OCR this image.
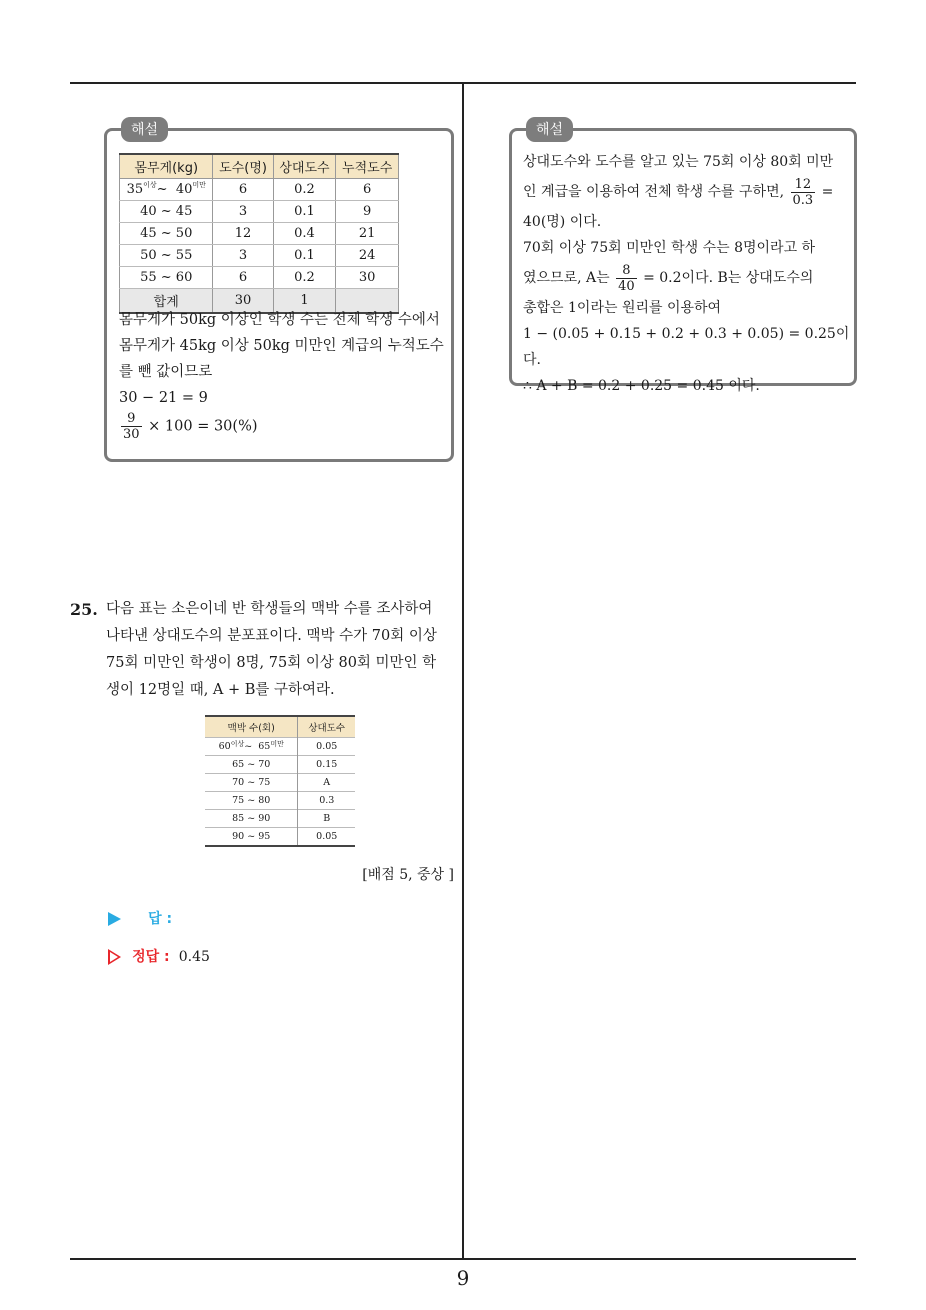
해설
몸무게(kg)	도수(명)	상대도수	누적도수
$35^{이상}\sim$ $40^{미만}$	6	0.2	6
40 ~ 45	3	0.1	9
45 ~ 50	12	0.4	21
50 ~ 55	3	0.1	24
55 ~ 60	6	0.2	30
합계	30	1	
몸무게가 50kg 이상인 학생 수는 전체 학생 수에서
몸무게가 45kg 이상 50kg 미만인 계급의 누적도수
를 뺀 값이므로
30 − 21 = 9
$\frac{9}{30} \times 100 = 30(\%)$
해설
상대도수와 도수를 알고 있는 75회 이상 80회 미만
인 계급을 이용하여 전체 학생 수를 구하면, $\frac{12}{0.3}$ =
40(명) 이다.
70회 이상 75회 미만인 학생 수는 8명이라고 하
였으므로, A는 $\frac{8}{40} = 0.2$이다. B는 상대도수의
총합은 1이라는 원리를 이용하여
1 − (0.05 + 0.15 + 0.2 + 0.3 + 0.05) = 0.25이다.
∴ A + B = 0.2 + 0.25 = 0.45 이다.
25. 다음 표는 소은이네 반 학생들의 맥박 수를 조사하여
나타낸 상대도수의 분포표이다. 맥박 수가 70회 이상
75회 미만인 학생이 8명, 75회 이상 80회 미만인 학
생이 12명일 때, A + B를 구하여라.
맥박 수(회)	상대도수
$60^{이상}\sim$ $65^{미만}$	0.05
65 ~ 70	0.15
70 ~ 75	A
75 ~ 80	0.3
85 ~ 90	B
90 ~ 95	0.05
[배점 5, 중상 ]
답 :
정답 : 0.45
9
